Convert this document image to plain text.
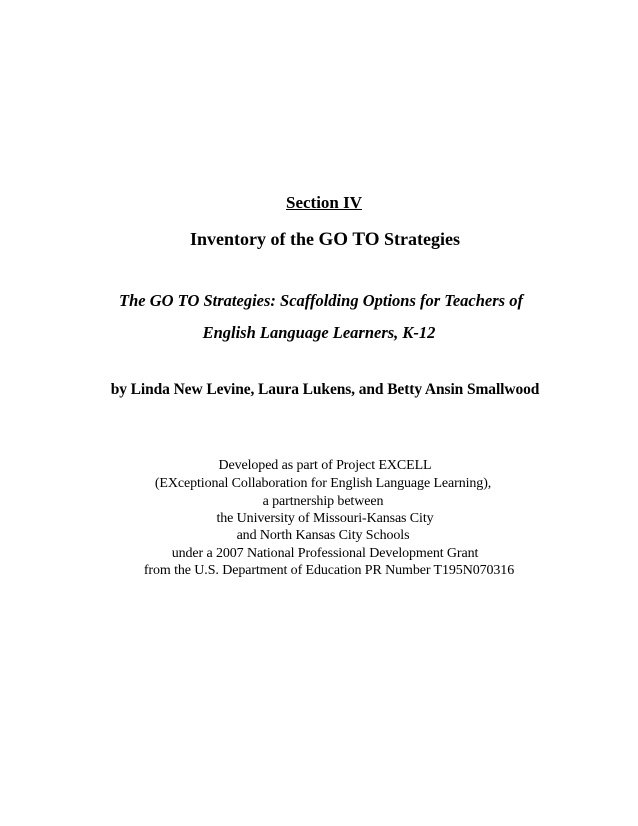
Section IV
Inventory of the GO TO Strategies
The GO TO Strategies: Scaffolding Options for Teachers of
English Language Learners, K-12
by Linda New Levine, Laura Lukens, and Betty Ansin Smallwood
Developed as part of Project EXCELL
(EXceptional Collaboration for English Language Learning),
a partnership between
the University of Missouri-Kansas City
and North Kansas City Schools
under a 2007 National Professional Development Grant
from the U.S. Department of Education PR Number T195N070316
